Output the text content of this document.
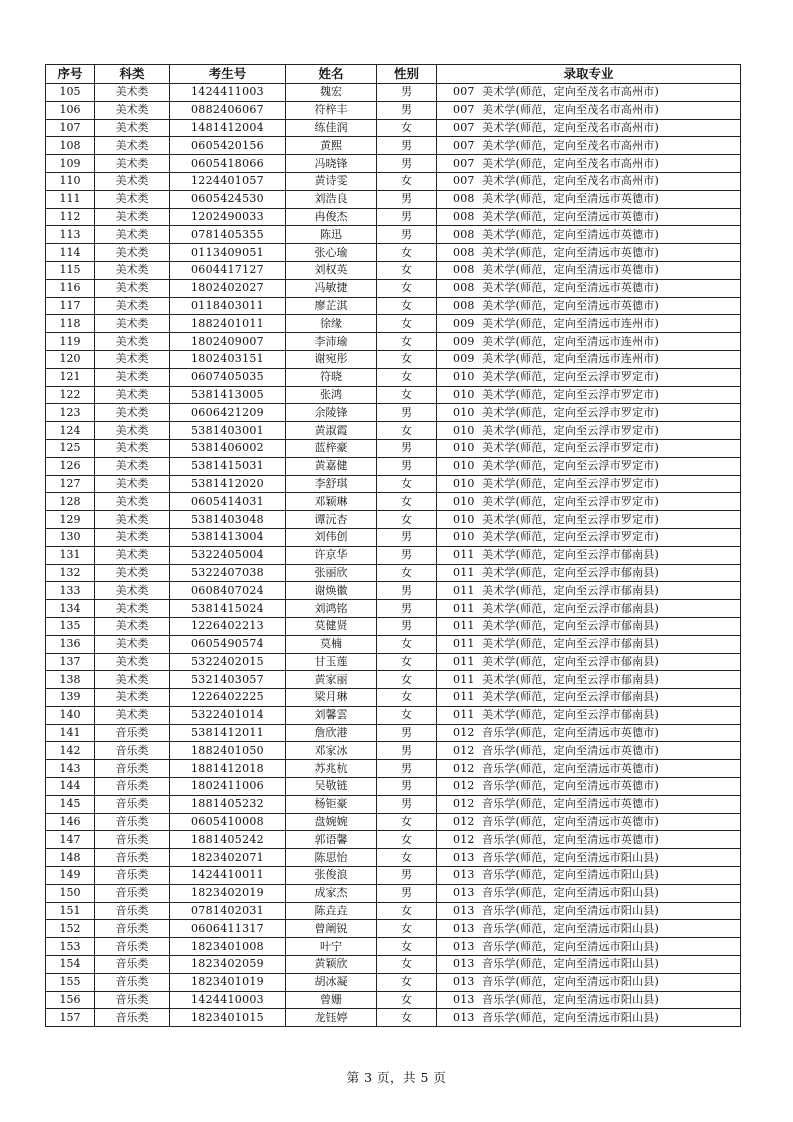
序号	科类	考生号	姓名	性别	录取专业
105	美术类	1424411003	魏宏	男	007  美术学(师范，定向至茂名市高州市)
106	美术类	0882406067	符梓丰	男	007  美术学(师范，定向至茂名市高州市)
107	美术类	1481412004	练佳润	女	007  美术学(师范，定向至茂名市高州市)
108	美术类	0605420156	黄熙	男	007  美术学(师范，定向至茂名市高州市)
109	美术类	0605418066	冯晓锋	男	007  美术学(师范，定向至茂名市高州市)
110	美术类	1224401057	黄诗雯	女	007  美术学(师范，定向至茂名市高州市)
111	美术类	0605424530	刘浩良	男	008  美术学(师范，定向至清远市英德市)
112	美术类	1202490033	冉俊杰	男	008  美术学(师范，定向至清远市英德市)
113	美术类	0781405355	陈迅	男	008  美术学(师范，定向至清远市英德市)
114	美术类	0113409051	张心瑜	女	008  美术学(师范，定向至清远市英德市)
115	美术类	0604417127	刘权英	女	008  美术学(师范，定向至清远市英德市)
116	美术类	1802402027	冯敏捷	女	008  美术学(师范，定向至清远市英德市)
117	美术类	0118403011	廖芷淇	女	008  美术学(师范，定向至清远市英德市)
118	美术类	1882401011	徐缘	女	009  美术学(师范，定向至清远市连州市)
119	美术类	1802409007	李沛瑜	女	009  美术学(师范，定向至清远市连州市)
120	美术类	1802403151	谢宛彤	女	009  美术学(师范，定向至清远市连州市)
121	美术类	0607405035	符晓	女	010  美术学(师范，定向至云浮市罗定市)
122	美术类	5381413005	张鸿	女	010  美术学(师范，定向至云浮市罗定市)
123	美术类	0606421209	余陵锋	男	010  美术学(师范，定向至云浮市罗定市)
124	美术类	5381403001	黄淑霞	女	010  美术学(师范，定向至云浮市罗定市)
125	美术类	5381406002	蓝梓豪	男	010  美术学(师范，定向至云浮市罗定市)
126	美术类	5381415031	黄嘉健	男	010  美术学(师范，定向至云浮市罗定市)
127	美术类	5381412020	李舒琪	女	010  美术学(师范，定向至云浮市罗定市)
128	美术类	0605414031	邓颖琳	女	010  美术学(师范，定向至云浮市罗定市)
129	美术类	5381403048	谭沅杏	女	010  美术学(师范，定向至云浮市罗定市)
130	美术类	5381413004	刘伟创	男	010  美术学(师范，定向至云浮市罗定市)
131	美术类	5322405004	许京华	男	011  美术学(师范，定向至云浮市郁南县)
132	美术类	5322407038	张丽欣	女	011  美术学(师范，定向至云浮市郁南县)
133	美术类	0608407024	谢焕徽	男	011  美术学(师范，定向至云浮市郁南县)
134	美术类	5381415024	刘鸿铭	男	011  美术学(师范，定向至云浮市郁南县)
135	美术类	1226402213	莫健贤	男	011  美术学(师范，定向至云浮市郁南县)
136	美术类	0605490574	莫楠	女	011  美术学(师范，定向至云浮市郁南县)
137	美术类	5322402015	甘玉莲	女	011  美术学(师范，定向至云浮市郁南县)
138	美术类	5321403057	黄家丽	女	011  美术学(师范，定向至云浮市郁南县)
139	美术类	1226402225	梁月琳	女	011  美术学(师范，定向至云浮市郁南县)
140	美术类	5322401014	刘馨雲	女	011  美术学(师范，定向至云浮市郁南县)
141	音乐类	5381412011	詹欣港	男	012  音乐学(师范，定向至清远市英德市)
142	音乐类	1882401050	邓家冰	男	012  音乐学(师范，定向至清远市英德市)
143	音乐类	1881412018	苏兆杭	男	012  音乐学(师范，定向至清远市英德市)
144	音乐类	1802411006	吴敬链	男	012  音乐学(师范，定向至清远市英德市)
145	音乐类	1881405232	杨钜豪	男	012  音乐学(师范，定向至清远市英德市)
146	音乐类	0605410008	盘婉婉	女	012  音乐学(师范，定向至清远市英德市)
147	音乐类	1881405242	郭语馨	女	012  音乐学(师范，定向至清远市英德市)
148	音乐类	1823402071	陈思怡	女	013  音乐学(师范，定向至清远市阳山县)
149	音乐类	1424410011	张俊浪	男	013  音乐学(师范，定向至清远市阳山县)
150	音乐类	1823402019	成家杰	男	013  音乐学(师范，定向至清远市阳山县)
151	音乐类	0781402031	陈垚垚	女	013  音乐学(师范，定向至清远市阳山县)
152	音乐类	0606411317	曾阐锐	女	013  音乐学(师范，定向至清远市阳山县)
153	音乐类	1823401008	叶宁	女	013  音乐学(师范，定向至清远市阳山县)
154	音乐类	1823402059	黄颖欣	女	013  音乐学(师范，定向至清远市阳山县)
155	音乐类	1823401019	胡冰凝	女	013  音乐学(师范，定向至清远市阳山县)
156	音乐类	1424410003	曾姗	女	013  音乐学(师范，定向至清远市阳山县)
157	音乐类	1823401015	龙钰婷	女	013  音乐学(师范，定向至清远市阳山县)
第 3 页，共 5 页
